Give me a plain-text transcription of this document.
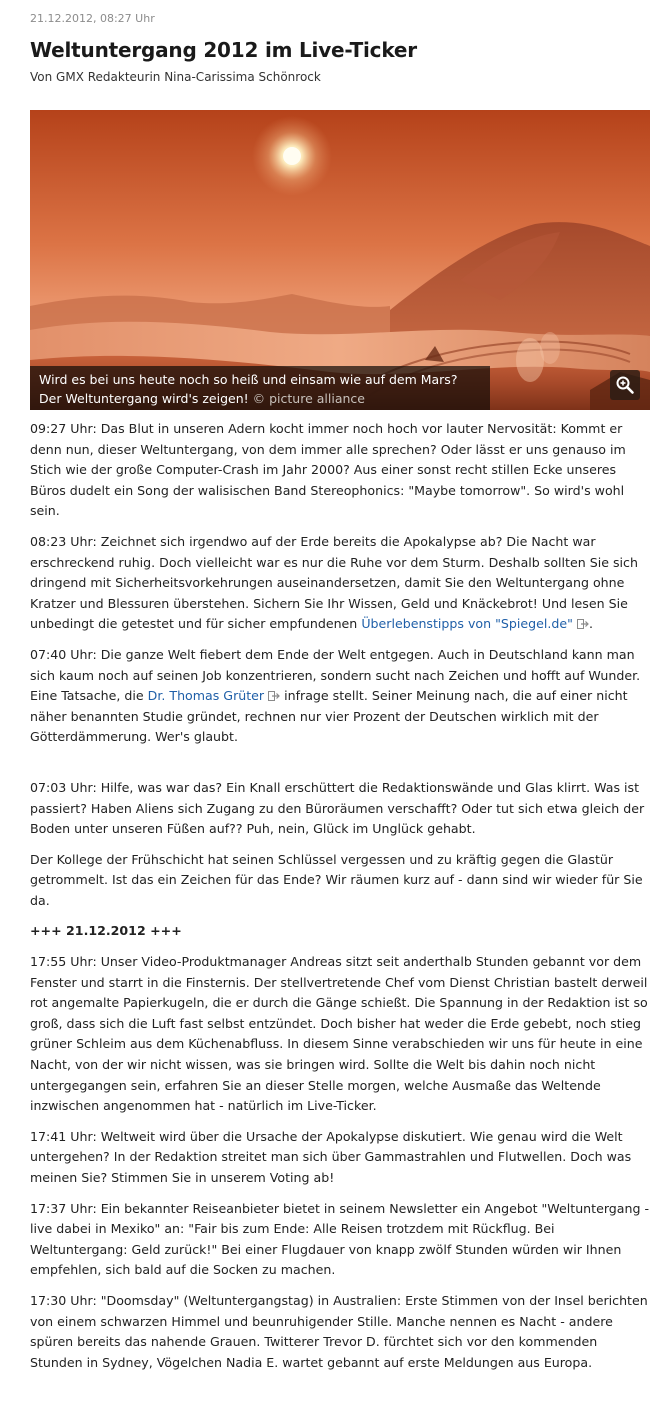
21.12.2012, 08:27 Uhr
Weltuntergang 2012 im Live-Ticker
Von GMX Redakteurin Nina-Carissima Schönrock
Wird es bei uns heute noch so heiß und einsam wie auf dem Mars?
Der Weltuntergang wird's zeigen! © picture alliance

09:27 Uhr: Das Blut in unseren Adern kocht immer noch hoch vor lauter Nervosität: Kommt er denn nun, dieser Weltuntergang, von dem immer alle sprechen? Oder lässt er uns genauso im Stich wie der große Computer-Crash im Jahr 2000? Aus einer sonst recht stillen Ecke unseres Büros dudelt ein Song der walisischen Band Stereophonics: "Maybe tomorrow". So wird's wohl sein.

08:23 Uhr: Zeichnet sich irgendwo auf der Erde bereits die Apokalypse ab? Die Nacht war erschreckend ruhig. Doch vielleicht war es nur die Ruhe vor dem Sturm. Deshalb sollten Sie sich dringend mit Sicherheitsvorkehrungen auseinandersetzen, damit Sie den Weltuntergang ohne Kratzer und Blessuren überstehen. Sichern Sie Ihr Wissen, Geld und Knäckebrot! Und lesen Sie unbedingt die getestet und für sicher empfundenen Überlebenstipps von "Spiegel.de" .

07:40 Uhr: Die ganze Welt fiebert dem Ende der Welt entgegen. Auch in Deutschland kann man sich kaum noch auf seinen Job konzentrieren, sondern sucht nach Zeichen und hofft auf Wunder. Eine Tatsache, die Dr. Thomas Grüter infrage stellt. Seiner Meinung nach, die auf einer nicht näher benannten Studie gründet, rechnen nur vier Prozent der Deutschen wirklich mit der Götterdämmerung. Wer's glaubt.

07:03 Uhr: Hilfe, was war das? Ein Knall erschüttert die Redaktionswände und Glas klirrt. Was ist passiert? Haben Aliens sich Zugang zu den Büroräumen verschafft? Oder tut sich etwa gleich der Boden unter unseren Füßen auf?? Puh, nein, Glück im Unglück gehabt.

Der Kollege der Frühschicht hat seinen Schlüssel vergessen und zu kräftig gegen die Glastür getrommelt. Ist das ein Zeichen für das Ende? Wir räumen kurz auf - dann sind wir wieder für Sie da.

+++ 21.12.2012 +++

17:55 Uhr: Unser Video-Produktmanager Andreas sitzt seit anderthalb Stunden gebannt vor dem Fenster und starrt in die Finsternis. Der stellvertretende Chef vom Dienst Christian bastelt derweil rot angemalte Papierkugeln, die er durch die Gänge schießt. Die Spannung in der Redaktion ist so groß, dass sich die Luft fast selbst entzündet. Doch bisher hat weder die Erde gebebt, noch stieg grüner Schleim aus dem Küchenabfluss. In diesem Sinne verabschieden wir uns für heute in eine Nacht, von der wir nicht wissen, was sie bringen wird. Sollte die Welt bis dahin noch nicht untergegangen sein, erfahren Sie an dieser Stelle morgen, welche Ausmaße das Weltende inzwischen angenommen hat - natürlich im Live-Ticker.

17:41 Uhr: Weltweit wird über die Ursache der Apokalypse diskutiert. Wie genau wird die Welt untergehen? In der Redaktion streitet man sich über Gammastrahlen und Flutwellen. Doch was meinen Sie? Stimmen Sie in unserem Voting ab!

17:37 Uhr: Ein bekannter Reiseanbieter bietet in seinem Newsletter ein Angebot "Weltuntergang - live dabei in Mexiko" an: "Fair bis zum Ende: Alle Reisen trotzdem mit Rückflug. Bei Weltuntergang: Geld zurück!" Bei einer Flugdauer von knapp zwölf Stunden würden wir Ihnen empfehlen, sich bald auf die Socken zu machen.

17:30 Uhr: "Doomsday" (Weltuntergangstag) in Australien: Erste Stimmen von der Insel berichten von einem schwarzen Himmel und beunruhigender Stille. Manche nennen es Nacht - andere spüren bereits das nahende Grauen. Twitterer Trevor D. fürchtet sich vor den kommenden Stunden in Sydney, Vögelchen Nadia E. wartet gebannt auf erste Meldungen aus Europa.
